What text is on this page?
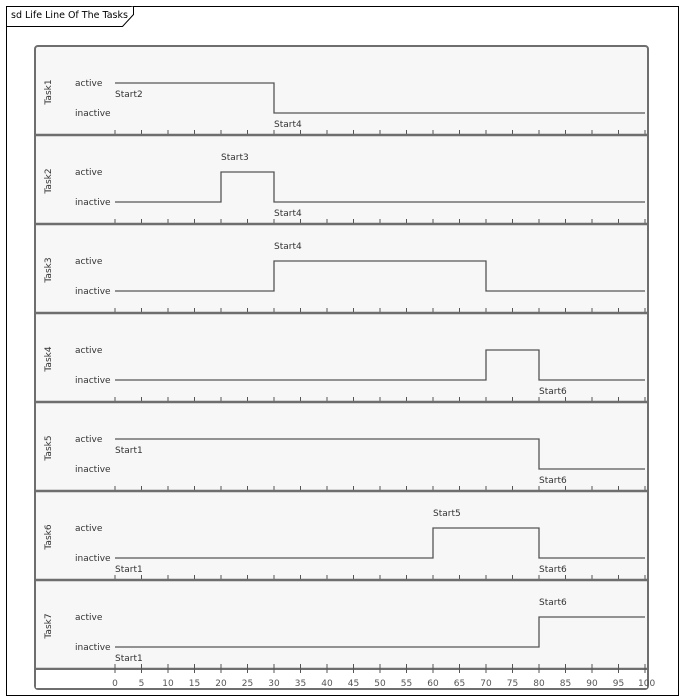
sd Life Line Of The Tasks
Task1 active
inactive
Start2
Start4
Task2 active
inactive
Start3
Start4
Task3 active
inactive
Start4
Task4 active
inactive
Start6
Task5 active
inactive
Start1
Start6
Task6 active
inactive
Start1
Start5
Start6
Task7 active
inactive
Start1
Start6
0 5 10 15 20 25 30 35 40 45 50 55 60 65 70 75 80 85 90 95 100
